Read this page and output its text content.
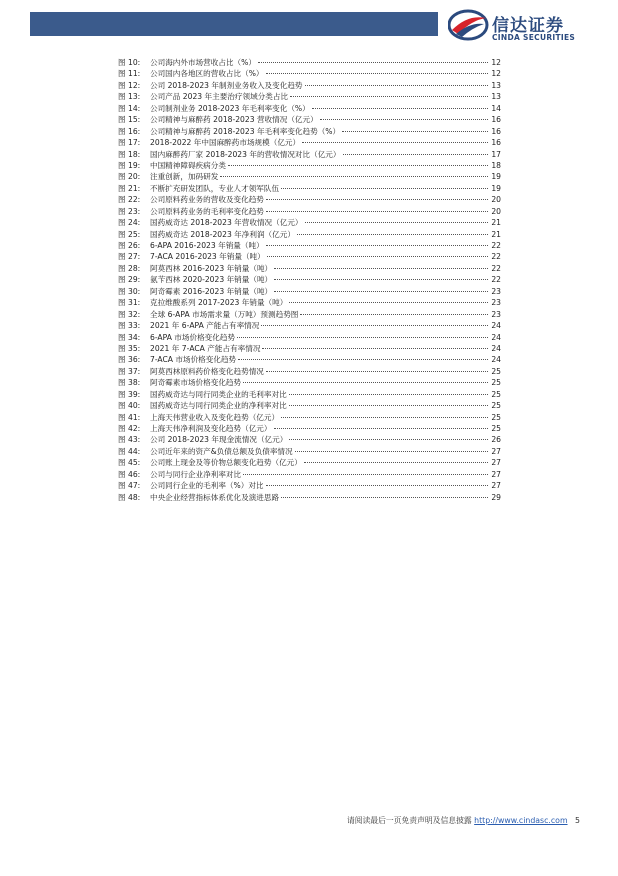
信达证券
CINDA SECURITIES
图 10:	公司海内外市场营收占比（%）	12
图 11:	公司国内各地区的营收占比（%）	12
图 12:	公司 2018-2023 年制剂业务收入及变化趋势	13
图 13:	公司产品 2023 年主要治疗领域分类占比	13
图 14:	公司制剂业务 2018-2023 年毛利率变化（%）	14
图 15:	公司精神与麻醉药 2018-2023 营收情况（亿元）	16
图 16:	公司精神与麻醉药 2018-2023 年毛利率变化趋势（%）	16
图 17:	2018-2022 年中国麻醉药市场规模（亿元）	16
图 18:	国内麻醉药厂家 2018-2023 年的营收情况对比（亿元）	17
图 19:	中国精神障碍疾病分类	18
图 20:	注重创新，加码研发	19
图 21:	不断扩充研发团队，专业人才领军队伍	19
图 22:	公司原料药业务的营收及变化趋势	20
图 23:	公司原料药业务的毛利率变化趋势	20
图 24:	国药威奇达 2018-2023 年营收情况（亿元）	21
图 25:	国药威奇达 2018-2023 年净利润（亿元）	21
图 26:	6-APA 2016-2023 年销量（吨）	22
图 27:	7-ACA 2016-2023 年销量（吨）	22
图 28:	阿莫西林 2016-2023 年销量（吨）	22
图 29:	氨苄西林 2020-2023 年销量（吨）	22
图 30:	阿奇霉素 2016-2023 年销量（吨）	23
图 31:	克拉维酸系列 2017-2023 年销量（吨）	23
图 32:	全球 6-APA 市场需求量（万吨）预测趋势图	23
图 33:	2021 年 6-APA 产能占有率情况	24
图 34:	6-APA 市场价格变化趋势	24
图 35:	2021 年 7-ACA 产能占有率情况	24
图 36:	7-ACA 市场价格变化趋势	24
图 37:	阿莫西林原料药价格变化趋势情况	25
图 38:	阿奇霉素市场价格变化趋势	25
图 39:	国药威奇达与同行同类企业的毛利率对比	25
图 40:	国药威奇达与同行同类企业的净利率对比	25
图 41:	上海天伟营业收入及变化趋势（亿元）	25
图 42:	上海天伟净利润及变化趋势（亿元）	25
图 43:	公司 2018-2023 年现金流情况（亿元）	26
图 44:	公司近年来的资产&负债总额及负债率情况	27
图 45:	公司账上现金及等价物总额变化趋势（亿元）	27
图 46:	公司与同行企业净利率对比	27
图 47:	公司同行企业的毛利率（%）对比	27
图 48:	中央企业经营指标体系优化及演进思路	29
请阅读最后一页免责声明及信息披露 http://www.cindasc.com 5
